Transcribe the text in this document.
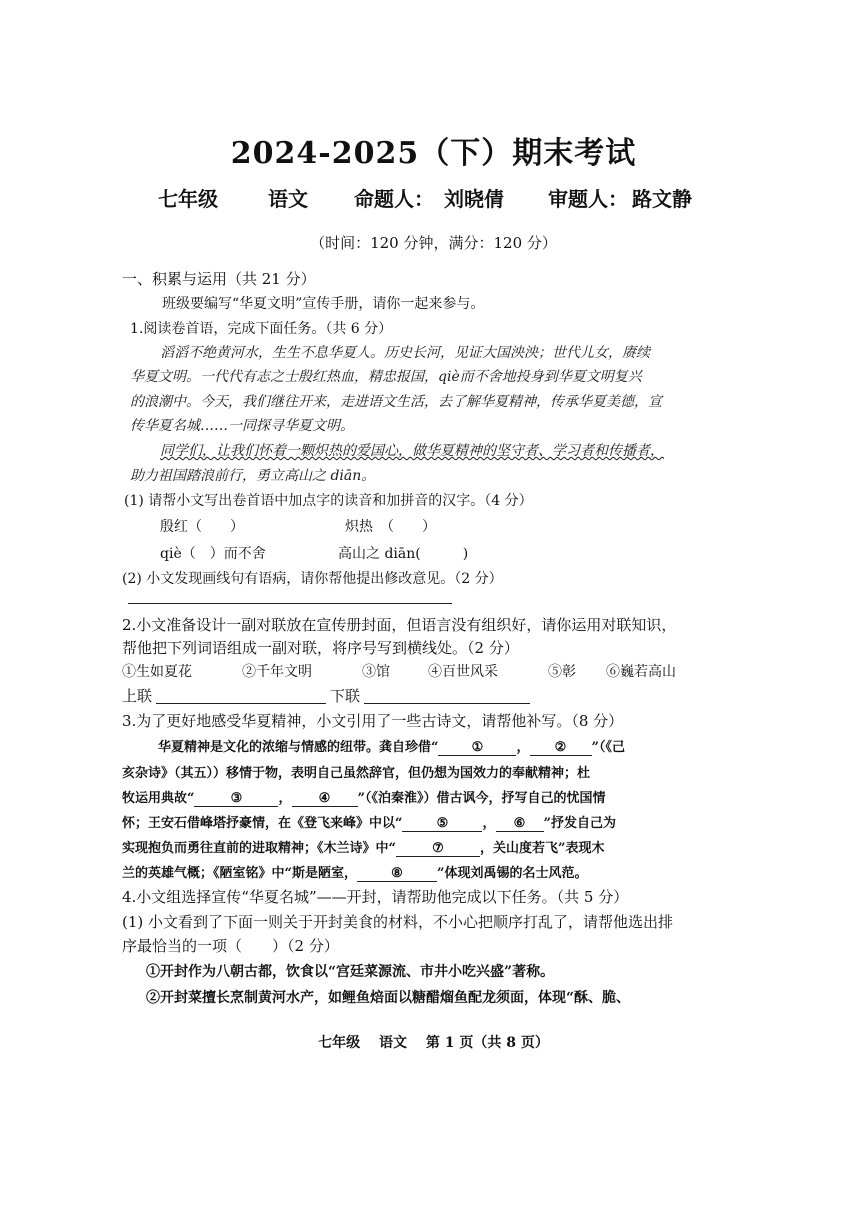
2024-2025（下）期末考试
七年级	语文 命题人： 刘晓倩 审题人： 路文静
（时间：120 分钟，满分：120 分）
一、积累与运用（共 21 分）
班级要编写“华夏文明”宣传手册，请你一起来参与。
1.阅读卷首语，完成下面任务。（共 6 分）
滔滔不绝黄河水，生生不息华夏人。历史长河，见证大国泱泱；世代儿女，赓续
华夏文明。一代代有志之士殷红热血，精忠报国，qiè而不舍地投身到华夏文明复兴
的浪潮中。今天，我们继往开来，走进语文生活，去了解华夏精神，传承华夏美德，宣
传华夏名城……一同探寻华夏文明。
同学们，让我们怀着一颗炽热的爱国心，做华夏精神的坚守者、学习者和传播者，
助力祖国踏浪前行，勇立高山之 diān。
(1) 请帮小文写出卷首语中加点字的读音和加拼音的汉字。（4 分）
殷红（　　）	炽热　（　　）
qiè（　）而不舍	高山之 diān(　　　)
(2) 小文发现画线句有语病，请你帮他提出修改意见。（2 分）
2.小文准备设计一副对联放在宣传册封面，但语言没有组织好，请你运用对联知识，
帮他把下列词语组成一副对联，将序号写到横线处。（2 分）
①生如夏花	②千年文明	③馆	④百世风采	⑤彰 ⑥巍若高山
上联	下联
3.为了更好地感受华夏精神，小文引用了一些古诗文，请帮他补写。（8 分）
华夏精神是文化的浓缩与情感的纽带。龚自珍借“	①	， ② ”（《己
亥杂诗》（其五））移情于物，表明自己虽然辞官，但仍想为国效力的奉献精神；杜
牧运用典故“	③	， ④ ”（《泊秦淮》）借古讽今，抒写自己的忧国情
怀；王安石借峰塔抒豪情，在《登飞来峰》中以“	⑤	， ⑥ ”抒发自己为
实现抱负而勇往直前的进取精神；《木兰诗》中“	⑦	，关山度若飞”表现木
兰的英雄气概；《陋室铭》中“斯是陋室，	⑧	”体现刘禹锡的名士风范。
4.小文组选择宣传“华夏名城”——开封，请帮助他完成以下任务。（共 5 分）
(1) 小文看到了下面一则关于开封美食的材料，不小心把顺序打乱了，请帮他选出排
序最恰当的一项（　　）（2 分）
①开封作为八朝古都，饮食以“宫廷菜源流、市井小吃兴盛”著称。
②开封菜擅长烹制黄河水产，如鲤鱼焙面以糖醋熘鱼配龙须面，体现“酥、脆、
七年级　 语文　 第 1 页（共 8 页）
